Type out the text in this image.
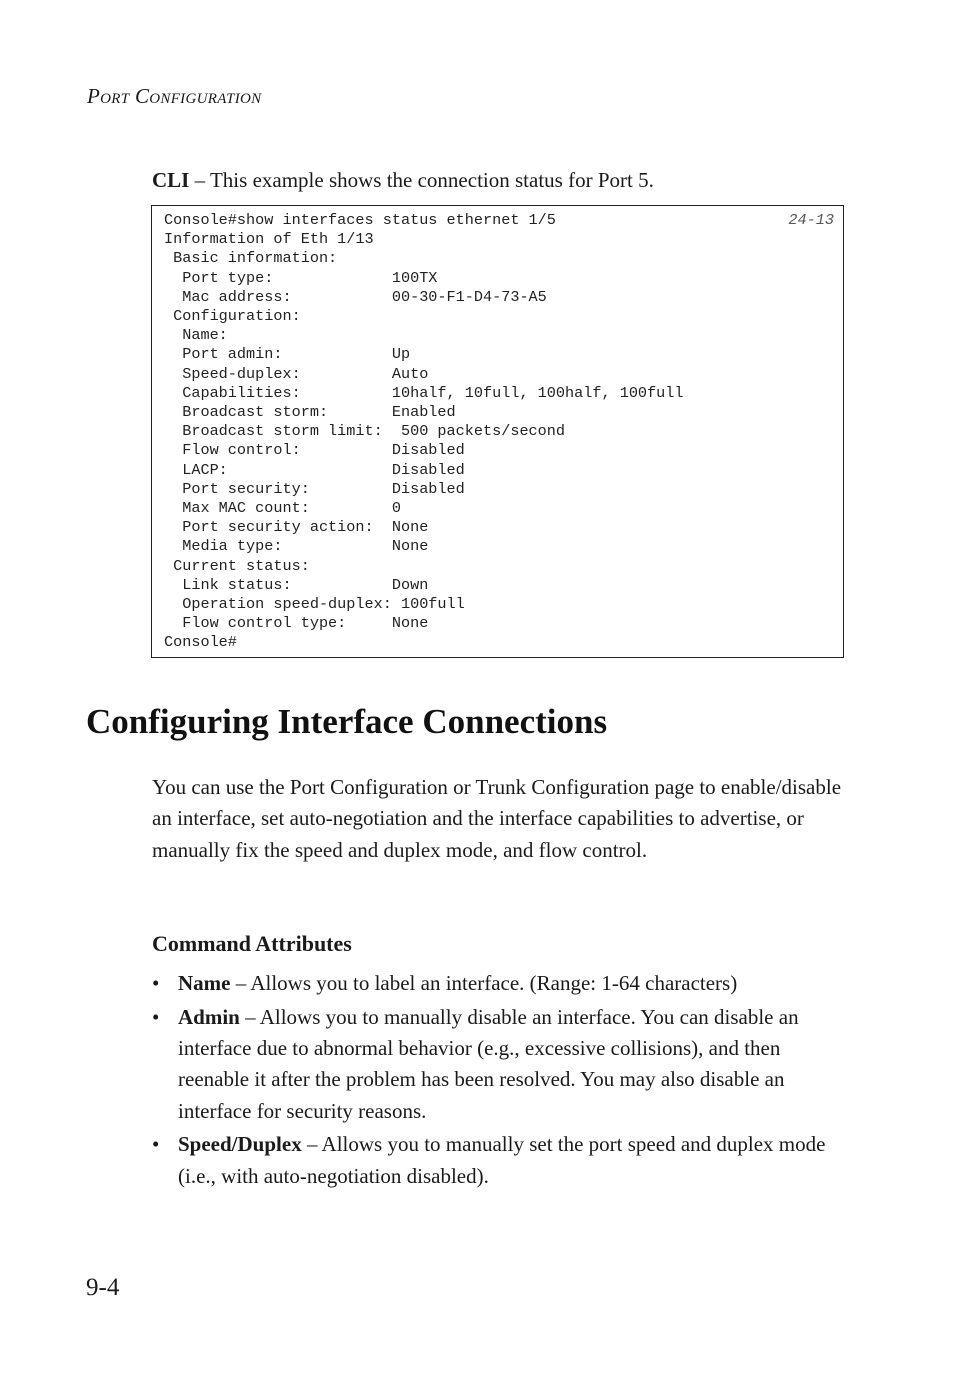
PORT CONFIGURATION
CLI – This example shows the connection status for Port 5.
Console#show interfaces status ethernet 1/5
Information of Eth 1/13
Basic information:
Port type:             100TX
Mac address:           00-30-F1-D4-73-A5
Configuration:
Name:
Port admin:            Up
Speed-duplex:          Auto
Capabilities:          10half, 10full, 100half, 100full
Broadcast storm:       Enabled
Broadcast storm limit:  500 packets/second
Flow control:          Disabled
LACP:                  Disabled
Port security:         Disabled
Max MAC count:         0
Port security action:  None
Media type:            None
Current status:
Link status:           Down
Operation speed-duplex: 100full
Flow control type:     None
Console#
24-13
Configuring Interface Connections

You can use the Port Configuration or Trunk Configuration page to enable/disable an interface, set auto-negotiation and the interface capabilities to advertise, or manually fix the speed and duplex mode, and flow control.

Command Attributes
• Name – Allows you to label an interface. (Range: 1-64 characters)
• Admin – Allows you to manually disable an interface. You can disable an interface due to abnormal behavior (e.g., excessive collisions), and then reenable it after the problem has been resolved. You may also disable an interface for security reasons.
• Speed/Duplex – Allows you to manually set the port speed and duplex mode (i.e., with auto-negotiation disabled).
9-4
